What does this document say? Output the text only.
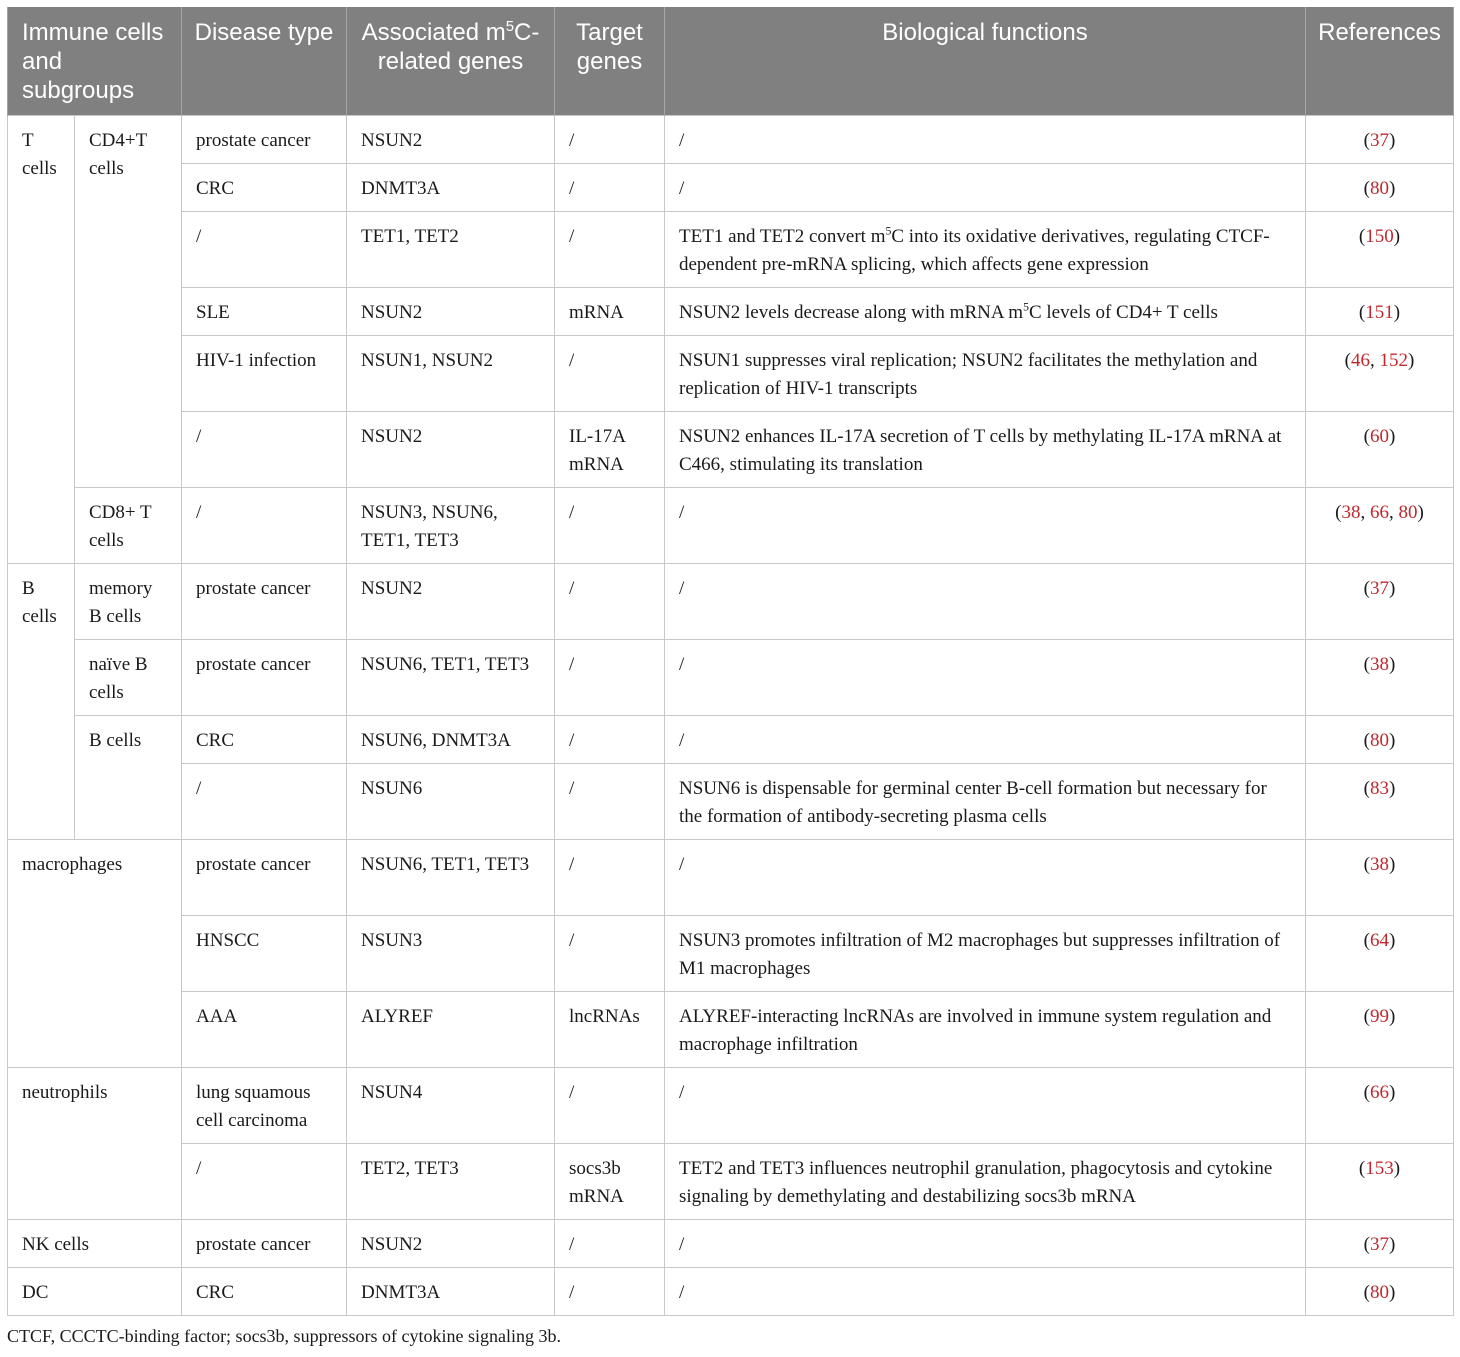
Immune cells and subgroups		Disease type	Associated $m^5C$-related genes	Target genes	Biological functions	References
T cells	CD4+T cells	prostate cancer	NSUN2	/	/	(37)
		CRC	DNMT3A	/	/	(80)
		/	TET1, TET2	/	TET1 and TET2 convert $m^5C$ into its oxidative derivatives, regulating CTCF-dependent pre-mRNA splicing, which affects gene expression	(150)
		SLE	NSUN2	mRNA	NSUN2 levels decrease along with mRNA $m^5C$ levels of CD4+ T cells	(151)
		HIV-1 infection	NSUN1, NSUN2	/	NSUN1 suppresses viral replication; NSUN2 facilitates the methylation and replication of HIV-1 transcripts	(46, 152)
		/	NSUN2	IL-17A mRNA	NSUN2 enhances IL-17A secretion of T cells by methylating IL-17A mRNA at C466, stimulating its translation	(60)
	CD8+ T cells	/	NSUN3, NSUN6, TET1, TET3	/	/	(38, 66, 80)
B cells	memory B cells	prostate cancer	NSUN2	/	/	(37)
	naïve B cells	prostate cancer	NSUN6, TET1, TET3	/	/	(38)
	B cells	CRC	NSUN6, DNMT3A	/	/	(80)
		/	NSUN6	/	NSUN6 is dispensable for germinal center B-cell formation but necessary for the formation of antibody-secreting plasma cells	(83)
macrophages		prostate cancer	NSUN6, TET1, TET3	/	/	(38)
		HNSCC	NSUN3	/	NSUN3 promotes infiltration of M2 macrophages but suppresses infiltration of M1 macrophages	(64)
		AAA	ALYREF	lncRNAs	ALYREF-interacting lncRNAs are involved in immune system regulation and macrophage infiltration	(99)
neutrophils		lung squamous cell carcinoma	NSUN4	/	/	(66)
		/	TET2, TET3	socs3b mRNA	TET2 and TET3 influences neutrophil granulation, phagocytosis and cytokine signaling by demethylating and destabilizing socs3b mRNA	(153)
NK cells		prostate cancer	NSUN2	/	/	(37)
DC		CRC	DNMT3A	/	/	(80)
CTCF, CCCTC-binding factor; socs3b, suppressors of cytokine signaling 3b.
